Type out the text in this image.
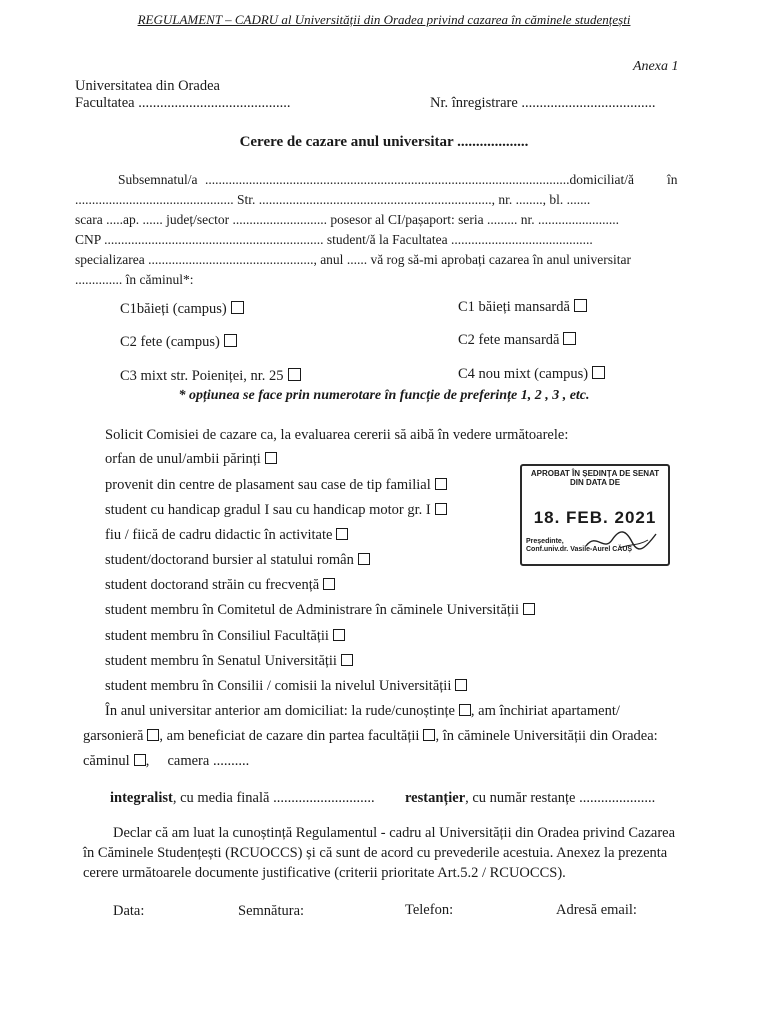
REGULAMENT – CADRU al Universității din Oradea privind cazarea în căminele studențești
Anexa 1
Universitatea din Oradea
Facultatea ..........................................	Nr. înregistrare .....................................
Cerere de cazare anul universitar ...................
Subsemnatul/a ............................................................................................................domiciliat/ă în
............................................... Str. ....................................................................., nr. ........, bl. .......
scara .....ap. ...... județ/sector ............................ posesor al CI/pașaport: seria ......... nr. ........................
CNP ................................................................. student/ă la Facultatea ..........................................
specializarea ................................................., anul ...... vă rog să-mi aprobați cazarea în anul universitar
.............. în căminul*:
C1băieți (campus)	C1 băieți mansardă
C2 fete (campus)	C2 fete mansardă
C3 mixt str. Poieniței, nr. 25	C4 nou mixt (campus)
* opțiunea se face prin numerotare în funcție de preferințe 1, 2 , 3 , etc.
Solicit Comisiei de cazare ca, la evaluarea cererii să aibă în vedere următoarele:
orfan de unul/ambii părinți
provenit din centre de plasament sau case de tip familial
student cu handicap gradul I sau cu handicap motor gr. I
fiu / fiică de cadru didactic în activitate
student/doctorand bursier al statului român
student doctorand străin cu frecvență
student membru în Comitetul de Administrare în căminele Universității
student membru în Consiliul Facultății
student membru în Senatul Universității
student membru în Consilii / comisii la nivelul Universității
În anul universitar anterior am domiciliat: la rude/cunoștințe , am închiriat apartament/
garsonieră , am beneficiat de cazare din partea facultății , în căminele Universității din Oradea:
căminul , camera ..........
integralist, cu media finală ............................ restanțier, cu număr restanțe .....................
Declar că am luat la cunoștință Regulamentul - cadru al Universității din Oradea privind Cazarea
în Căminele Studențești (RCUOCCS) și că sunt de acord cu prevederile acestuia. Anexez la prezenta
cerere următoarele documente justificative (criterii prioritate Art.5.2 / RCUOCCS).
Data:	Semnătura:	Telefon:	Adresă email:
APROBAT ÎN ȘEDINȚA DE SENAT
DIN DATA DE
18. FEB. 2021
Președinte,
Conf.univ.dr. Vasile-Aurel CĂUȘ
